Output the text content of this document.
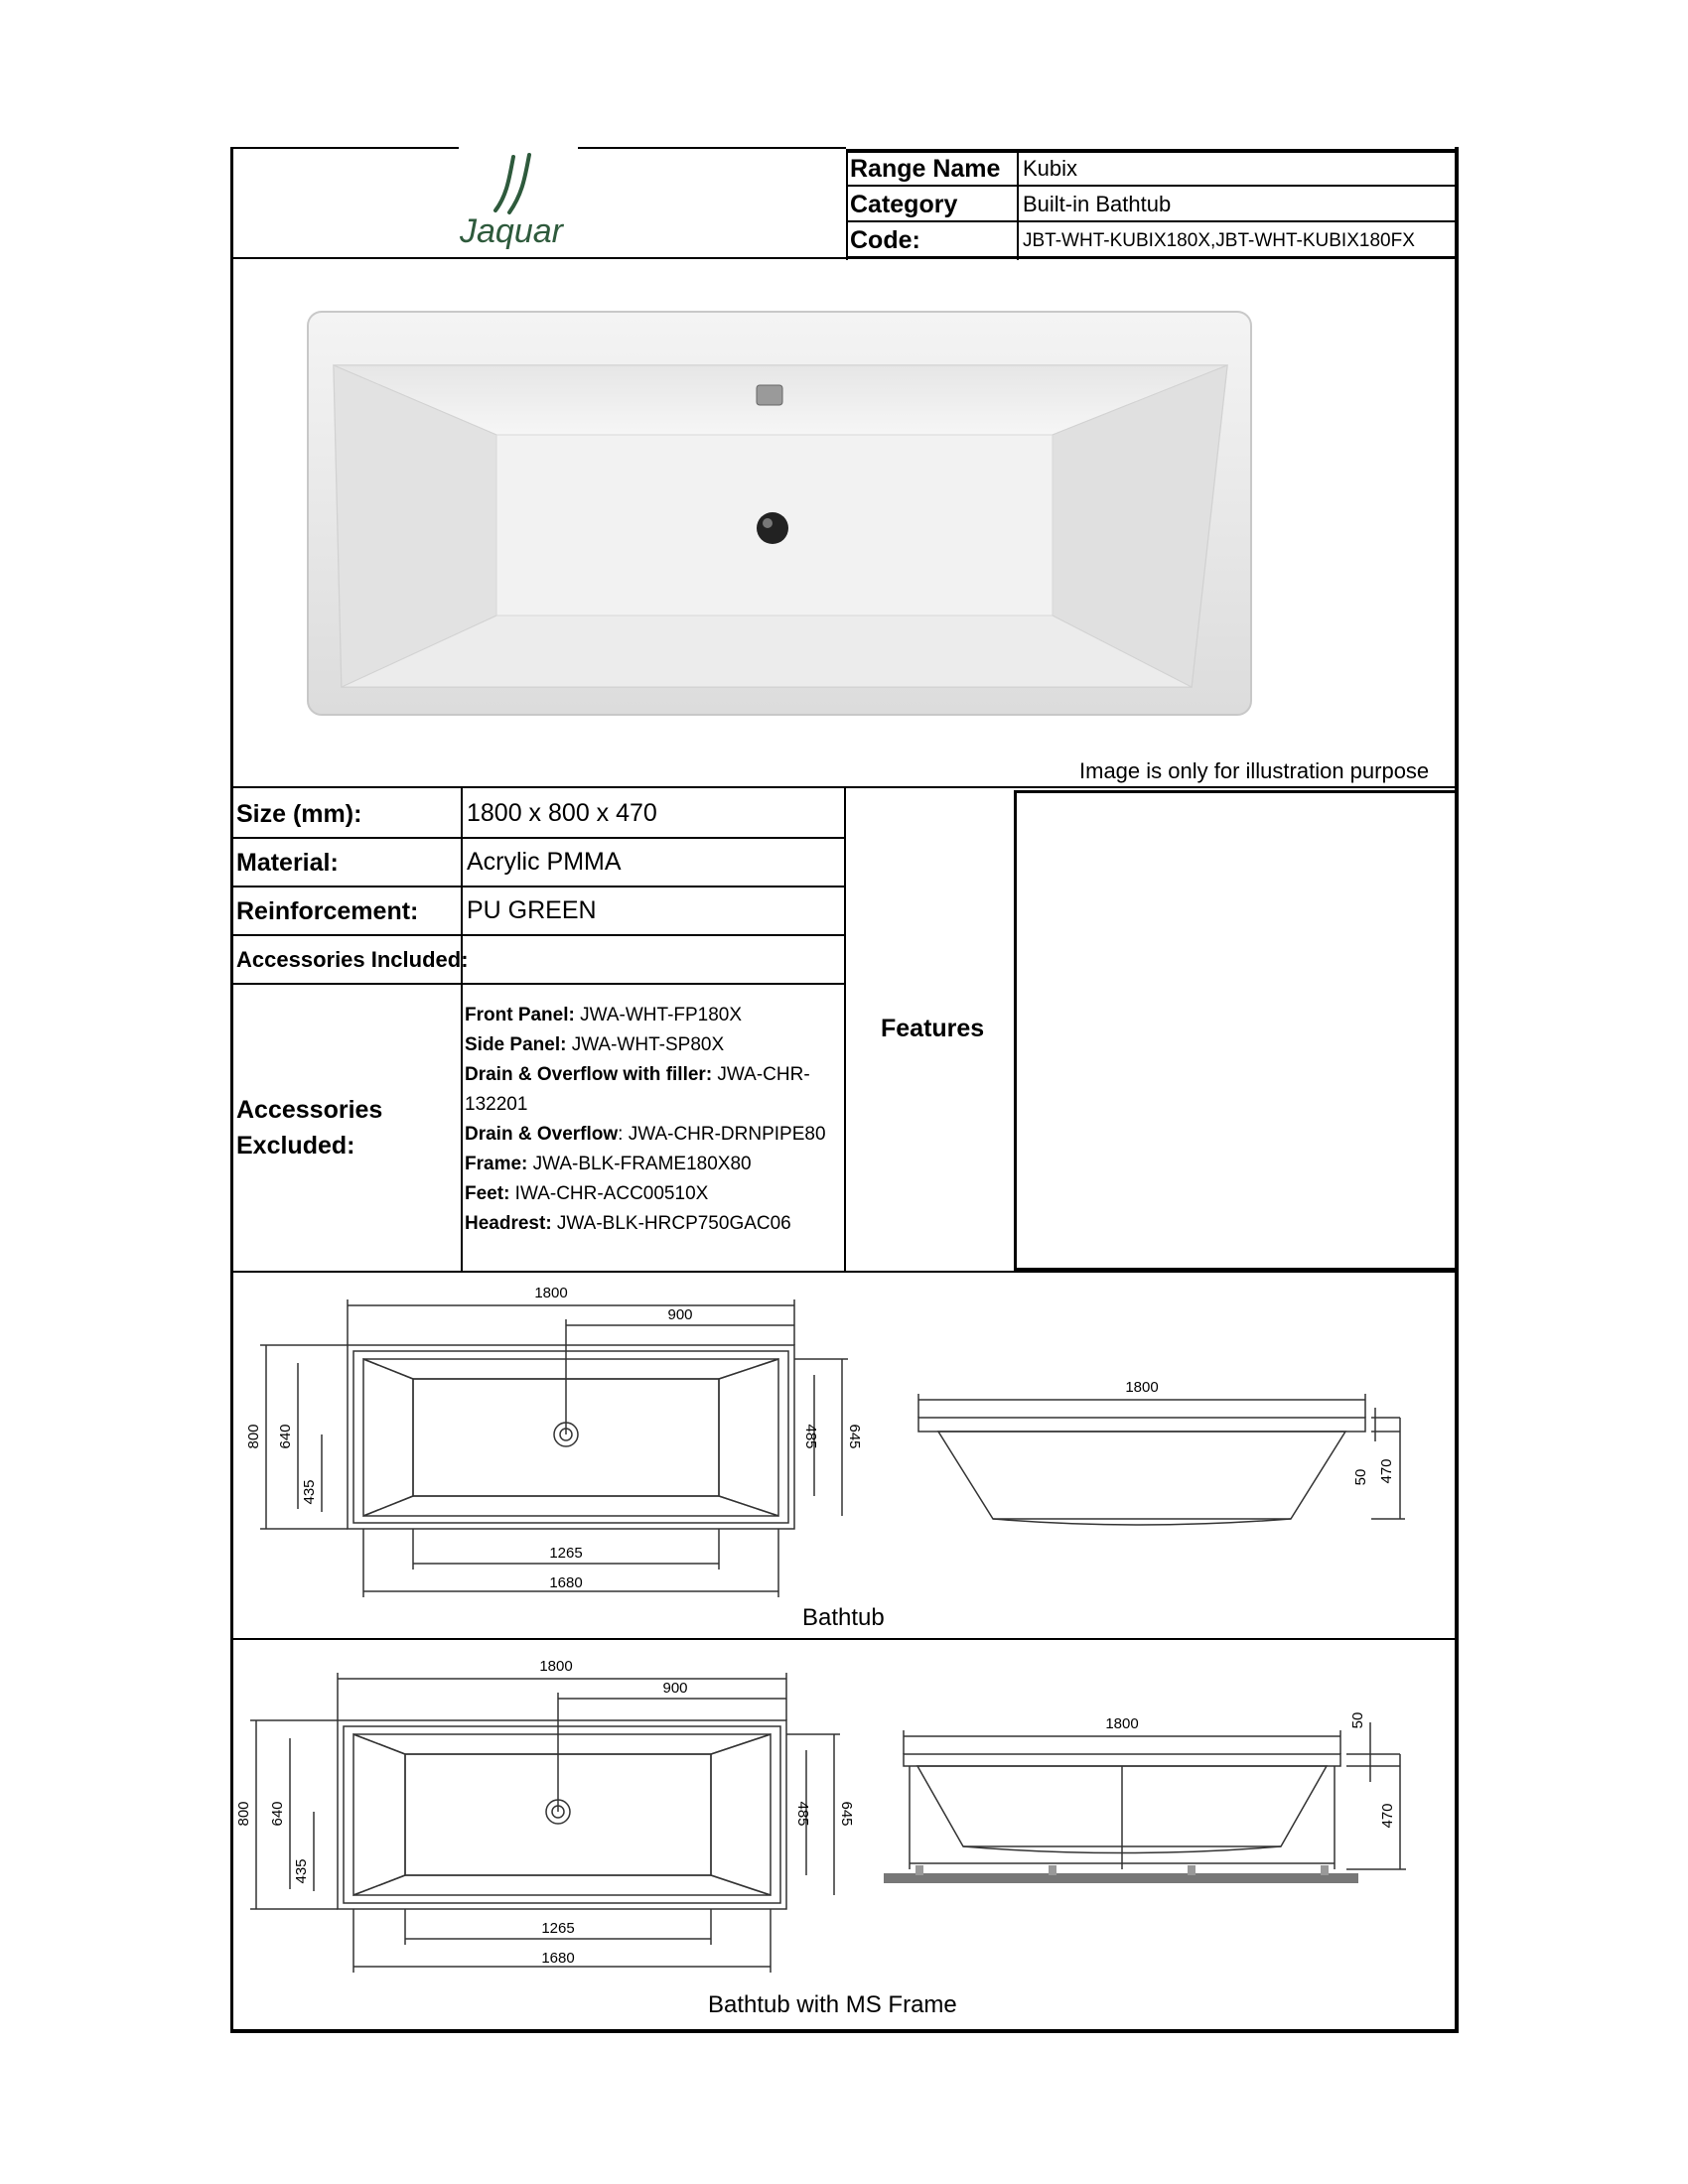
Jaquar
Range Name Kubix
Category	Built-in Bathtub
Code:	JBT-WHT-KUBIX180X,JBT-WHT-KUBIX180FX
Image is only for illustration purpose
Size (mm):	1800 x 800 x 470
Material:	Acrylic PMMA
Reinforcement: PU GREEN
Accessories Included:
Accessories
Excluded:
Front Panel: JWA-WHT-FP180X
Side Panel: JWA-WHT-SP80X
Drain & Overflow with filler: JWA-CHR-
132201
Drain & Overflow: JWA-CHR-DRNPIPE80
Frame: JWA-BLK-FRAME180X80
Feet: IWA-CHR-ACC00510X
Headrest: JWA-BLK-HRCP750GAC06
Features
1800
900
800 640
435
485 645
1265
1680
1800
50 470
Bathtub
1800
900
800 640
435
485 645
1265
1680
1800	50
470
Bathtub with MS Frame
